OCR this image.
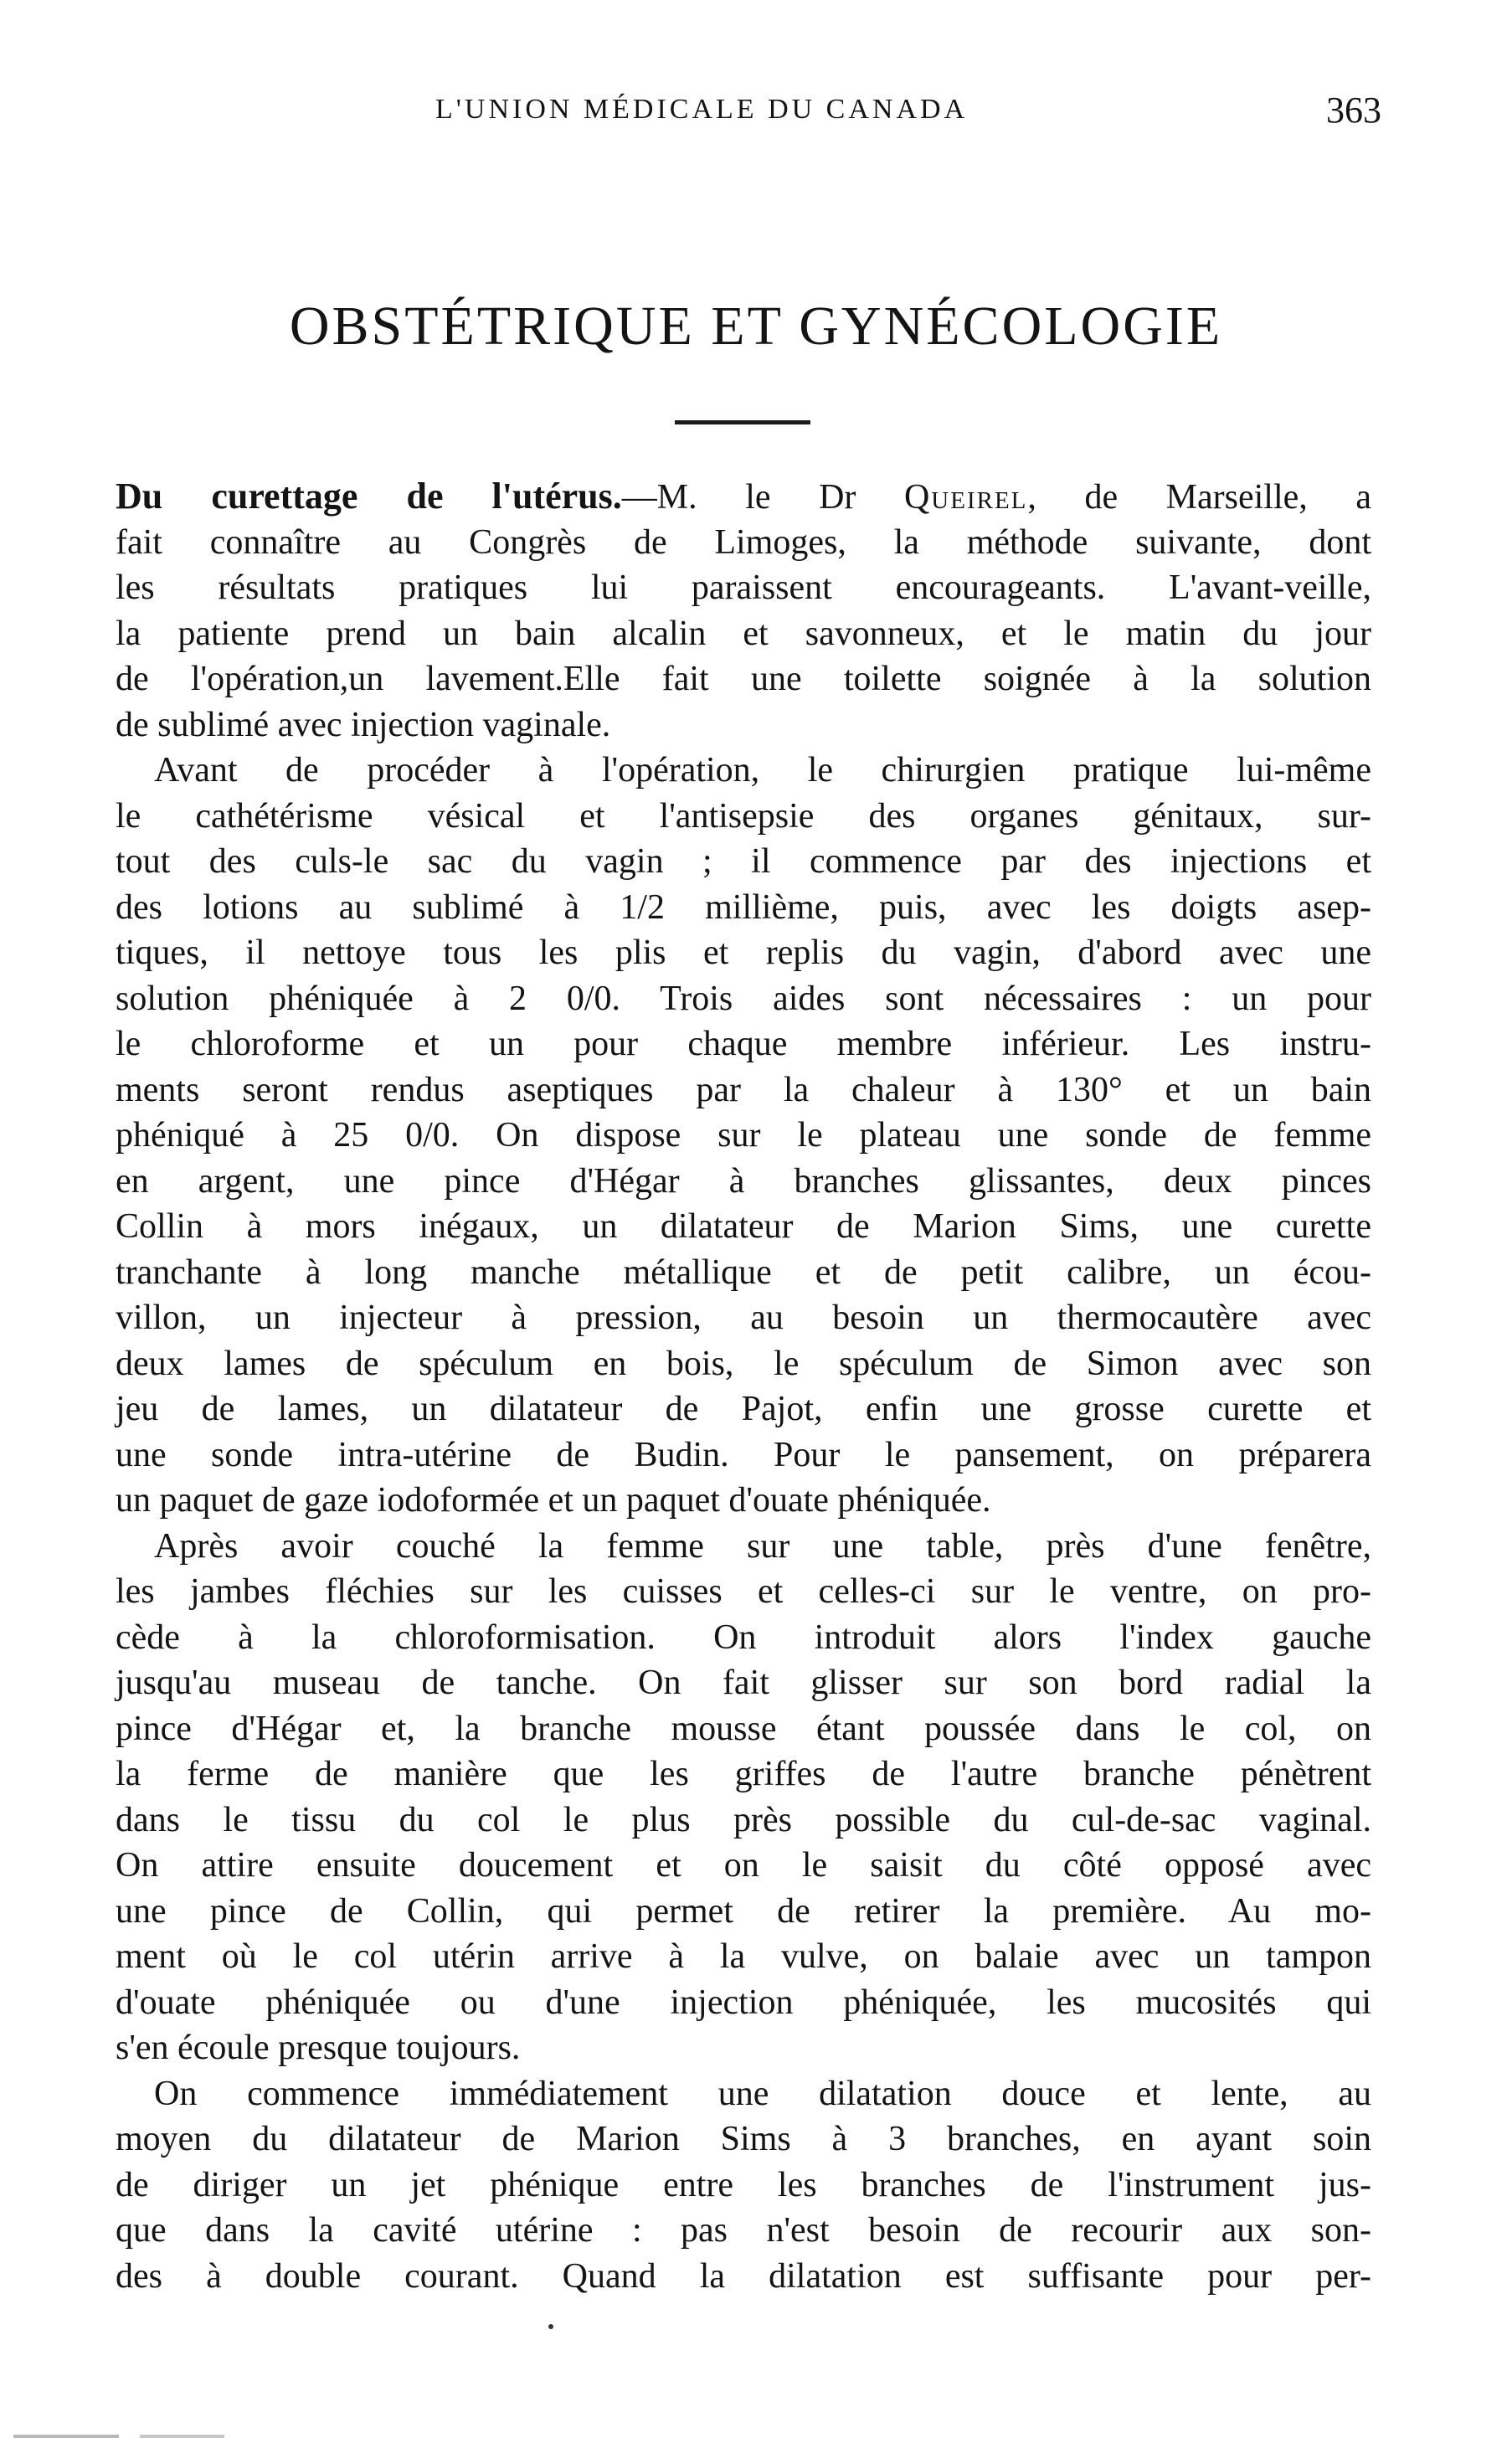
L'UNION MÉDICALE DU CANADA	363
OBSTÉTRIQUE ET GYNÉCOLOGIE
Du curettage de l'utérus.—M. le Dr Queirel, de Marseille, a
fait connaître au Congrès de Limoges, la méthode suivante, dont
les résultats pratiques lui paraissent encourageants. L'avant-veille,
la patiente prend un bain alcalin et savonneux, et le matin du jour
de l'opération,un lavement.Elle fait une toilette soignée à la solution
de sublimé avec injection vaginale.
Avant de procéder à l'opération, le chirurgien pratique lui-même
le cathétérisme vésical et l'antisepsie des organes génitaux, sur-
tout des culs-le sac du vagin ; il commence par des injections et
des lotions au sublimé à 1/2 millième, puis, avec les doigts asep-
tiques, il nettoye tous les plis et replis du vagin, d'abord avec une
solution phéniquée à 2 0/0. Trois aides sont nécessaires : un pour
le chloroforme et un pour chaque membre inférieur. Les instru-
ments seront rendus aseptiques par la chaleur à 130° et un bain
phéniqué à 25 0/0. On dispose sur le plateau une sonde de femme
en argent, une pince d'Hégar à branches glissantes, deux pinces
Collin à mors inégaux, un dilatateur de Marion Sims, une curette
tranchante à long manche métallique et de petit calibre, un écou-
villon, un injecteur à pression, au besoin un thermocautère avec
deux lames de spéculum en bois, le spéculum de Simon avec son
jeu de lames, un dilatateur de Pajot, enfin une grosse curette et
une sonde intra-utérine de Budin. Pour le pansement, on préparera
un paquet de gaze iodoformée et un paquet d'ouate phéniquée.
Après avoir couché la femme sur une table, près d'une fenêtre,
les jambes fléchies sur les cuisses et celles-ci sur le ventre, on pro-
cède à la chloroformisation. On introduit alors l'index gauche
jusqu'au museau de tanche. On fait glisser sur son bord radial la
pince d'Hégar et, la branche mousse étant poussée dans le col, on
la ferme de manière que les griffes de l'autre branche pénètrent
dans le tissu du col le plus près possible du cul-de-sac vaginal.
On attire ensuite doucement et on le saisit du côté opposé avec
une pince de Collin, qui permet de retirer la première. Au mo-
ment où le col utérin arrive à la vulve, on balaie avec un tampon
d'ouate phéniquée ou d'une injection phéniquée, les mucosités qui
s'en écoule presque toujours.
On commence immédiatement une dilatation douce et lente, au
moyen du dilatateur de Marion Sims à 3 branches, en ayant soin
de diriger un jet phénique entre les branches de l'instrument jus-
que dans la cavité utérine : pas n'est besoin de recourir aux son-
des à double courant. Quand la dilatation est suffisante pour per-
